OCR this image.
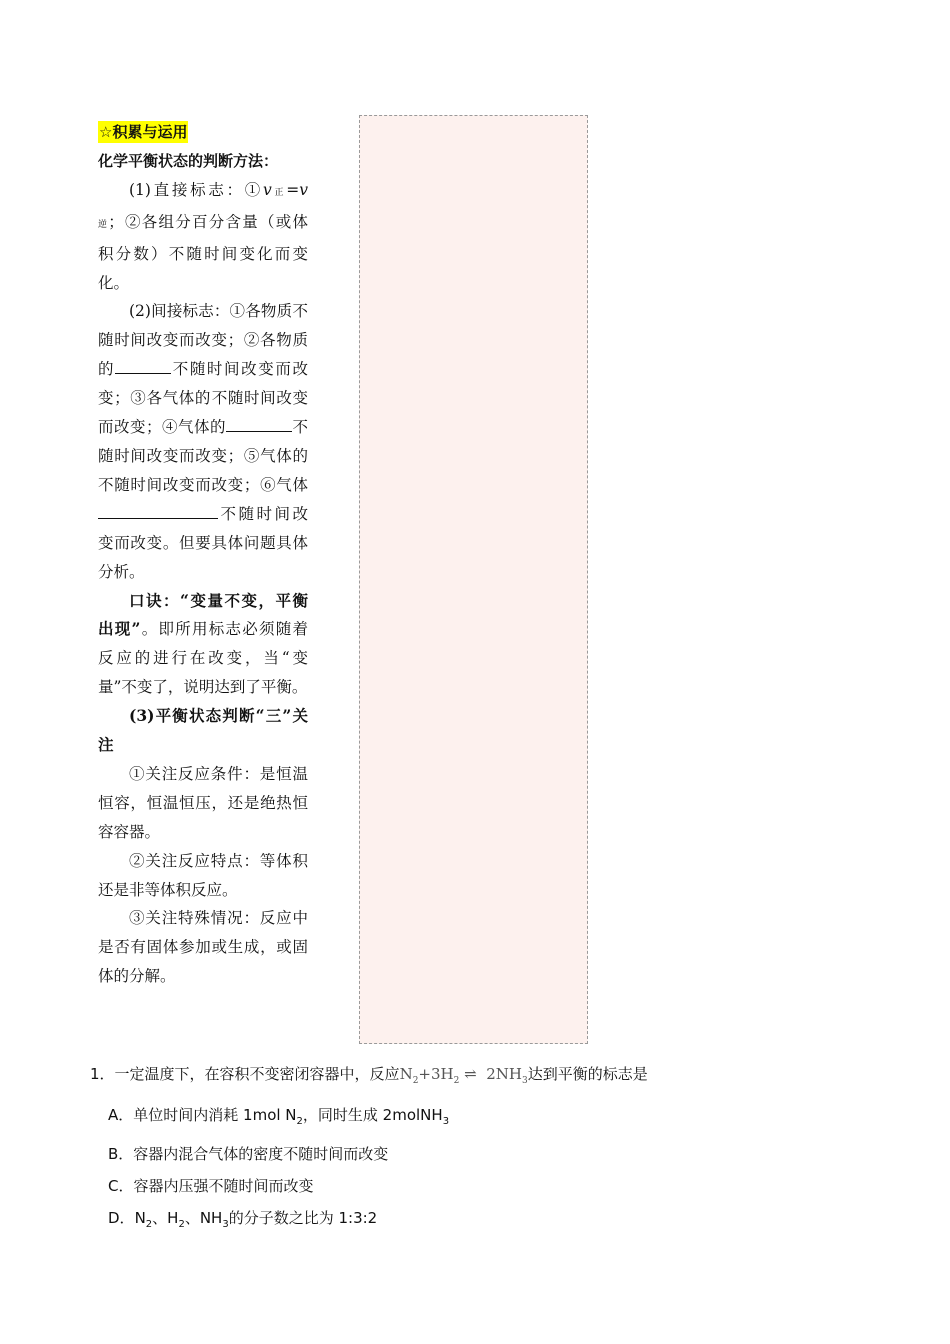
☆积累与运用

化学平衡状态的判断方法：

(1)直接标志：①v正=v逆；②各组分百分含量（或体积分数）不随时间变化而变化。

(2)间接标志：①各物质不随时间改变而改变；②各物质的	不随时间改变而改变；③各气体的不随时间改变而改变；④气体的	不随时间改变而改变；⑤气体的不随时间改变而改变；⑥气体不随时间改变而改变。但要具体问题具体分析。

口诀：“变量不变，平衡出现”。即所用标志必须随着反应的进行在改变，当“变量”不变了，说明达到了平衡。

(3)平衡状态判断“三”关注

①关注反应条件：是恒温恒容，恒温恒压，还是绝热恒容容器。

②关注反应特点：等体积还是非等体积反应。

③关注特殊情况：反应中是否有固体参加或生成，或固体的分解。

1．一定温度下，在容积不变密闭容器中，反应$N_2+3H_2$ ⇌ $2NH_3$达到平衡的标志是

A．单位时间内消耗 1mol $N_2$，同时生成 2molNH$_3$

B．容器内混合气体的密度不随时间而改变

C．容器内压强不随时间而改变

D．$N_2$、$H_2$、$NH_3$的分子数之比为 1:3:2
